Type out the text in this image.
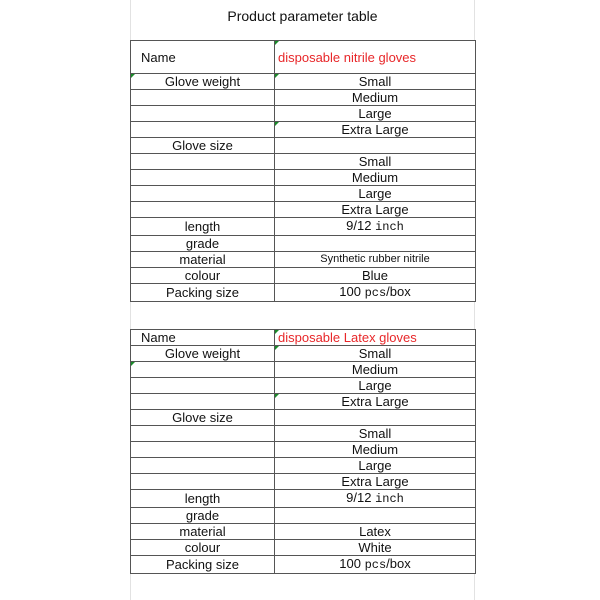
Product parameter table
Name	disposable nitrile gloves
Glove weight	Small
	Medium
	Large
	Extra Large
Glove size	
	Small
	Medium
	Large
	Extra Large
length	9/12 inch
grade	
material	Synthetic rubber nitrile
colour	Blue
Packing size	100 pcs/box
Name	disposable Latex gloves
Glove weight	Small
	Medium
	Large
	Extra Large
Glove size	
	Small
	Medium
	Large
	Extra Large
length	9/12 inch
grade	
material	Latex
colour	White
Packing size	100 pcs/box
